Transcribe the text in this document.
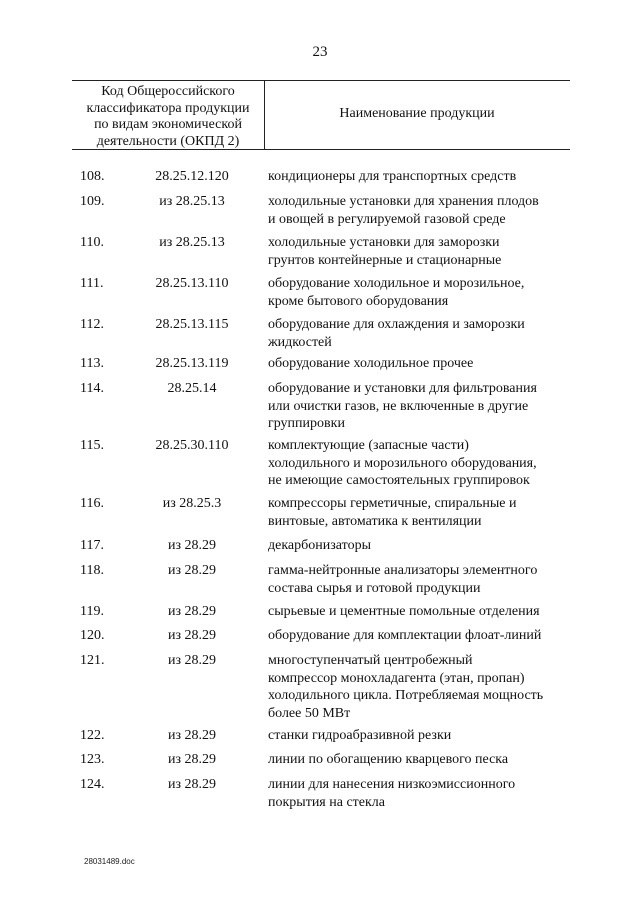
23
Код Общероссийского
классификатора продукции
по видам экономической
деятельности (ОКПД 2)
Наименование продукции
108.	28.25.12.120	кондиционеры для транспортных средств
109.	из 28.25.13	холодильные установки для хранения плодов
и овощей в регулируемой газовой среде
110.	из 28.25.13	холодильные установки для заморозки
грунтов контейнерные и стационарные
111.	28.25.13.110	оборудование холодильное и морозильное,
кроме бытового оборудования
112.	28.25.13.115	оборудование для охлаждения и заморозки
жидкостей
113.	28.25.13.119	оборудование холодильное прочее
114.	28.25.14	оборудование и установки для фильтрования
или очистки газов, не включенные в другие
группировки
115.	28.25.30.110	комплектующие (запасные части)
холодильного и морозильного оборудования,
не имеющие самостоятельных группировок
116.	из 28.25.3	компрессоры герметичные, спиральные и
винтовые, автоматика к вентиляции
117.	из 28.29	декарбонизаторы
118.	из 28.29	гамма-нейтронные анализаторы элементного
состава сырья и готовой продукции
119.	из 28.29	сырьевые и цементные помольные отделения
120.	из 28.29	оборудование для комплектации флоат-линий
121.	из 28.29	многоступенчатый центробежный
компрессор монохладагента (этан, пропан)
холодильного цикла. Потребляемая мощность
более 50 МВт
122.	из 28.29	станки гидроабразивной резки
123.	из 28.29	линии по обогащению кварцевого песка
124.	из 28.29	линии для нанесения низкоэмиссионного
покрытия на стекла
28031489.doc
